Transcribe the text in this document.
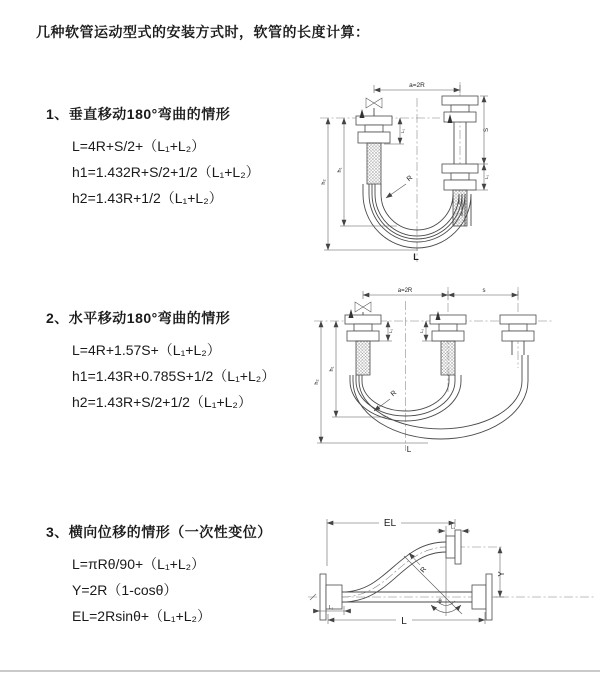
几种软管运动型式的安装方式时，软管的长度计算：
1、垂直移动180°弯曲的情形
L=4R+S/2+（L₁+L₂）
h1=1.432R+S/2+1/2（L₁+L₂）
h2=1.43R+1/2（L₁+L₂）
2、水平移动180°弯曲的情形
L=4R+1.57S+（L₁+L₂）
h1=1.43R+0.785S+1/2（L₁+L₂）
h2=1.43R+S/2+1/2（L₁+L₂）
3、横向位移的情形（一次性变位）
L=πRθ/90+（L₁+L₂）
Y=2R（1-cosθ）
EL=2Rsinθ+（L₁+L₂）
a=2R
S
L₁
L₁
h₁
h₂	R
L
a=2R	s
L₁	L₁
h₁
h₂
R
L
EL	L₁
Y
L
L₁
θ
R
